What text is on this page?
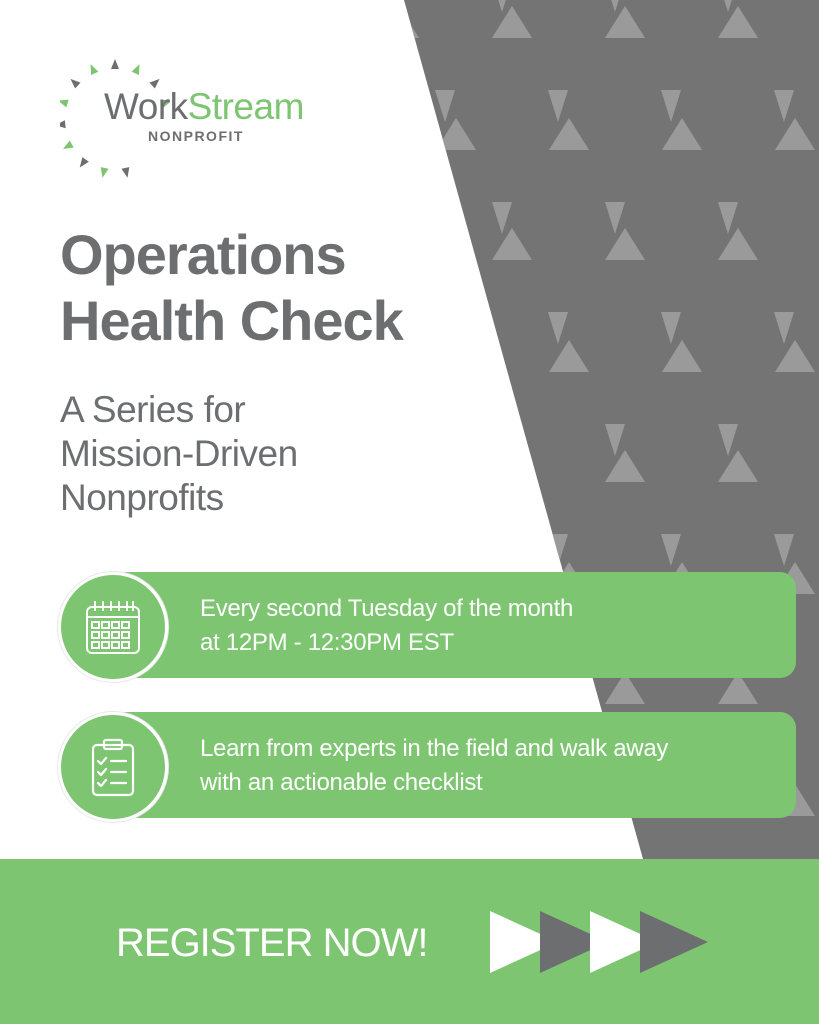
WorkStream
NONPROFIT
Operations
Health Check
A Series for
Mission-Driven
Nonprofits
Every second Tuesday of the month
at 12PM - 12:30PM EST
Learn from experts in the field and walk away
with an actionable checklist
REGISTER NOW!
